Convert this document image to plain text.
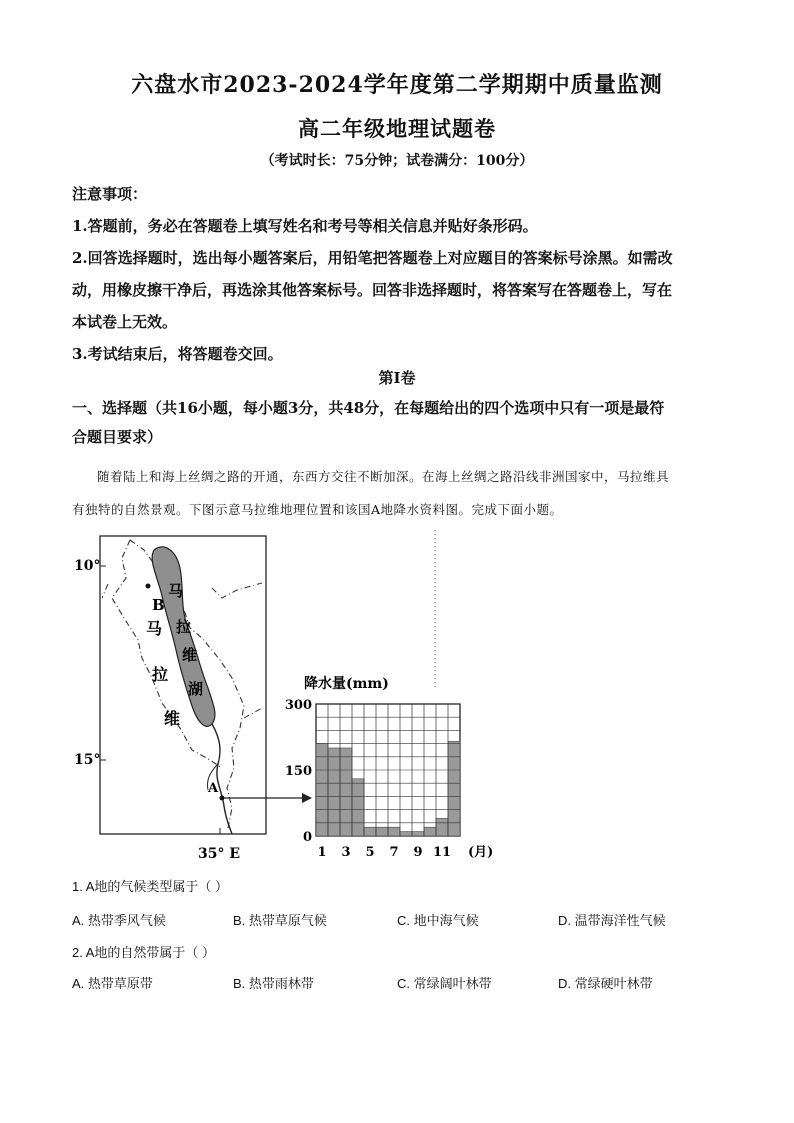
六盘水市2023-2024学年度第二学期期中质量监测
高二年级地理试题卷
（考试时长：75分钟；试卷满分：100分）
注意事项：
1.答题前，务必在答题卷上填写姓名和考号等相关信息并贴好条形码。
2.回答选择题时，选出每小题答案后，用铅笔把答题卷上对应题目的答案标号涂黑。如需改
动，用橡皮擦干净后，再选涂其他答案标号。回答非选择题时，将答案写在答题卷上，写在
本试卷上无效。
3.考试结束后，将答题卷交回。
第I卷
一、选择题（共16小题，每小题3分，共48分，在每题给出的四个选项中只有一项是最符
合题目要求）
随着陆上和海上丝绸之路的开通，东西方交往不断加深。在海上丝绸之路沿线非洲国家中，马拉维具
有独特的自然景观。下图示意马拉维地理位置和该国A地降水资料图。完成下面小题。
10°
15°
35° E
B
马
拉
维
马
拉
维
湖
A
降水量(mm)
300
150
0
1 3 5 7 9 11 (月)
1. A地的气候类型属于（ ）
A. 热带季风气候	B. 热带草原气候	C. 地中海气候	D. 温带海洋性气候
2. A地的自然带属于（ ）
A. 热带草原带	B. 热带雨林带	C. 常绿阔叶林带	D. 常绿硬叶林带
